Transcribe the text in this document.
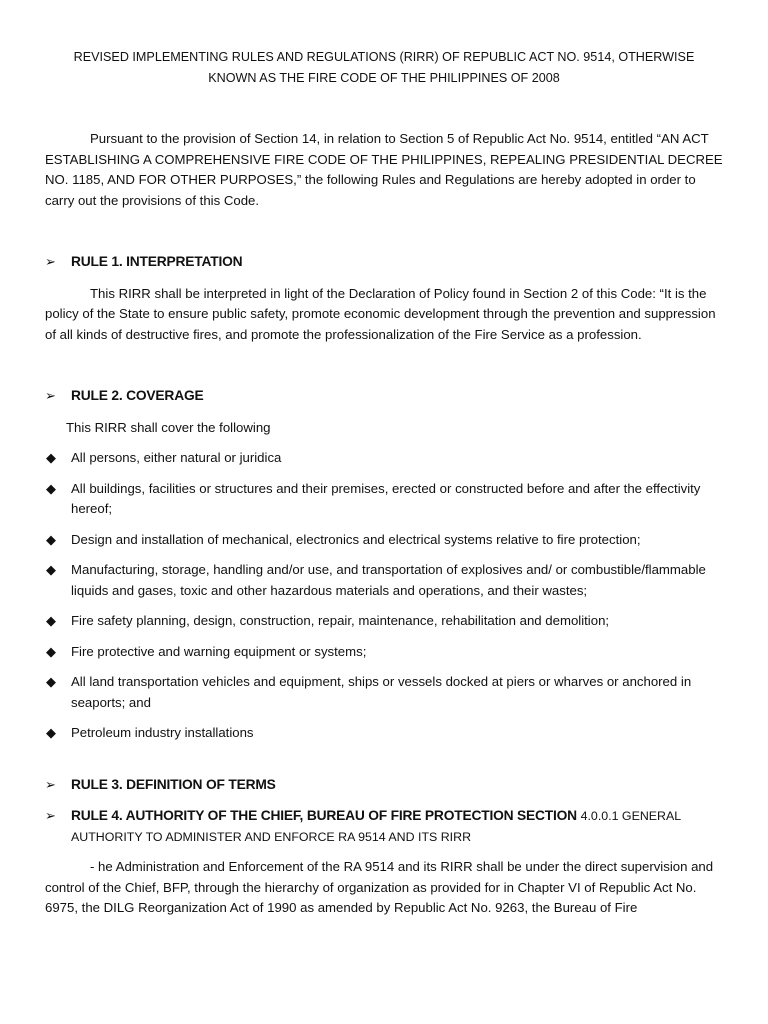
REVISED IMPLEMENTING RULES AND REGULATIONS (RIRR) OF REPUBLIC ACT NO. 9514, OTHERWISE
KNOWN AS THE FIRE CODE OF THE PHILIPPINES OF 2008

Pursuant to the provision of Section 14, in relation to Section 5 of Republic Act No. 9514, entitled “AN ACT ESTABLISHING A COMPREHENSIVE FIRE CODE OF THE PHILIPPINES, REPEALING PRESIDENTIAL DECREE NO. 1185, AND FOR OTHER PURPOSES,” the following Rules and Regulations are hereby adopted in order to carry out the provisions of this Code.

➢ RULE 1. INTERPRETATION

This RIRR shall be interpreted in light of the Declaration of Policy found in Section 2 of this Code: “It is the policy of the State to ensure public safety, promote economic development through the prevention and suppression of all kinds of destructive fires, and promote the professionalization of the Fire Service as a profession.

➢ RULE 2. COVERAGE

This RIRR shall cover the following

◆ All persons, either natural or juridica
◆ All buildings, facilities or structures and their premises, erected or constructed before and after the effectivity hereof;
◆ Design and installation of mechanical, electronics and electrical systems relative to fire protection;
◆ Manufacturing, storage, handling and/or use, and transportation of explosives and/ or combustible/flammable liquids and gases, toxic and other hazardous materials and operations, and their wastes;
◆ Fire safety planning, design, construction, repair, maintenance, rehabilitation and demolition;
◆ Fire protective and warning equipment or systems;
◆ All land transportation vehicles and equipment, ships or vessels docked at piers or wharves or anchored in seaports; and
◆ Petroleum industry installations
➢ RULE 3. DEFINITION OF TERMS
➢ RULE 4. AUTHORITY OF THE CHIEF, BUREAU OF FIRE PROTECTION SECTION 4.0.0.1 GENERAL AUTHORITY TO ADMINISTER AND ENFORCE RA 9514 AND ITS RIRR

- he Administration and Enforcement of the RA 9514 and its RIRR shall be under the direct supervision and control of the Chief, BFP, through the hierarchy of organization as provided for in Chapter VI of Republic Act No. 6975, the DILG Reorganization Act of 1990 as amended by Republic Act No. 9263, the Bureau of Fire
